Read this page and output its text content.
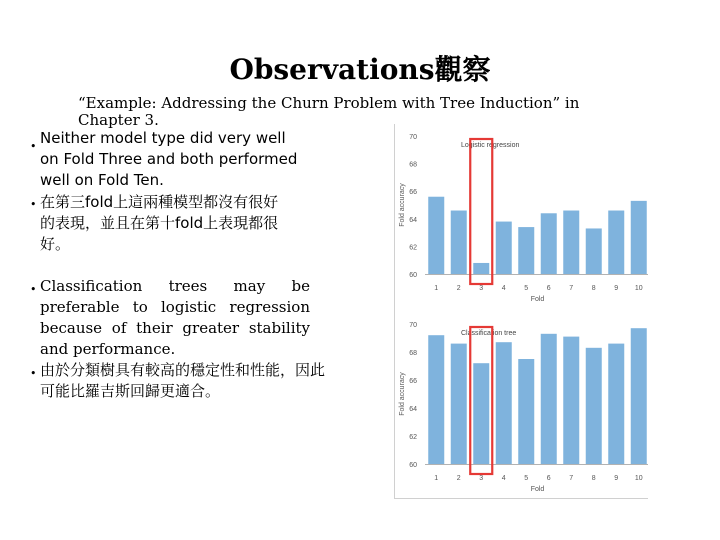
Observations觀察
“Example: Addressing the Churn Problem with Tree Induction” in Chapter 3.
• Neither model type did very well on Fold Three and both performed well on Fold Ten.
• 在第三fold上這兩種模型都沒有很好的表現，並且在第十fold上表現都很好。
• Classification trees may be preferable to logistic regression because of their greater stability and performance.
• 由於分類樹具有較高的穩定性和性能，因此可能比羅吉斯回歸更適合。
60
62
64
66
68
70
Fold accuracy
Logistic regression
1	2	3	4	5	6	7	8	9 10
Fold
60
62
64
66
68
70
Fold accuracy
Classification tree
1	2	3	4	5	6	7	8	9 10
Fold
